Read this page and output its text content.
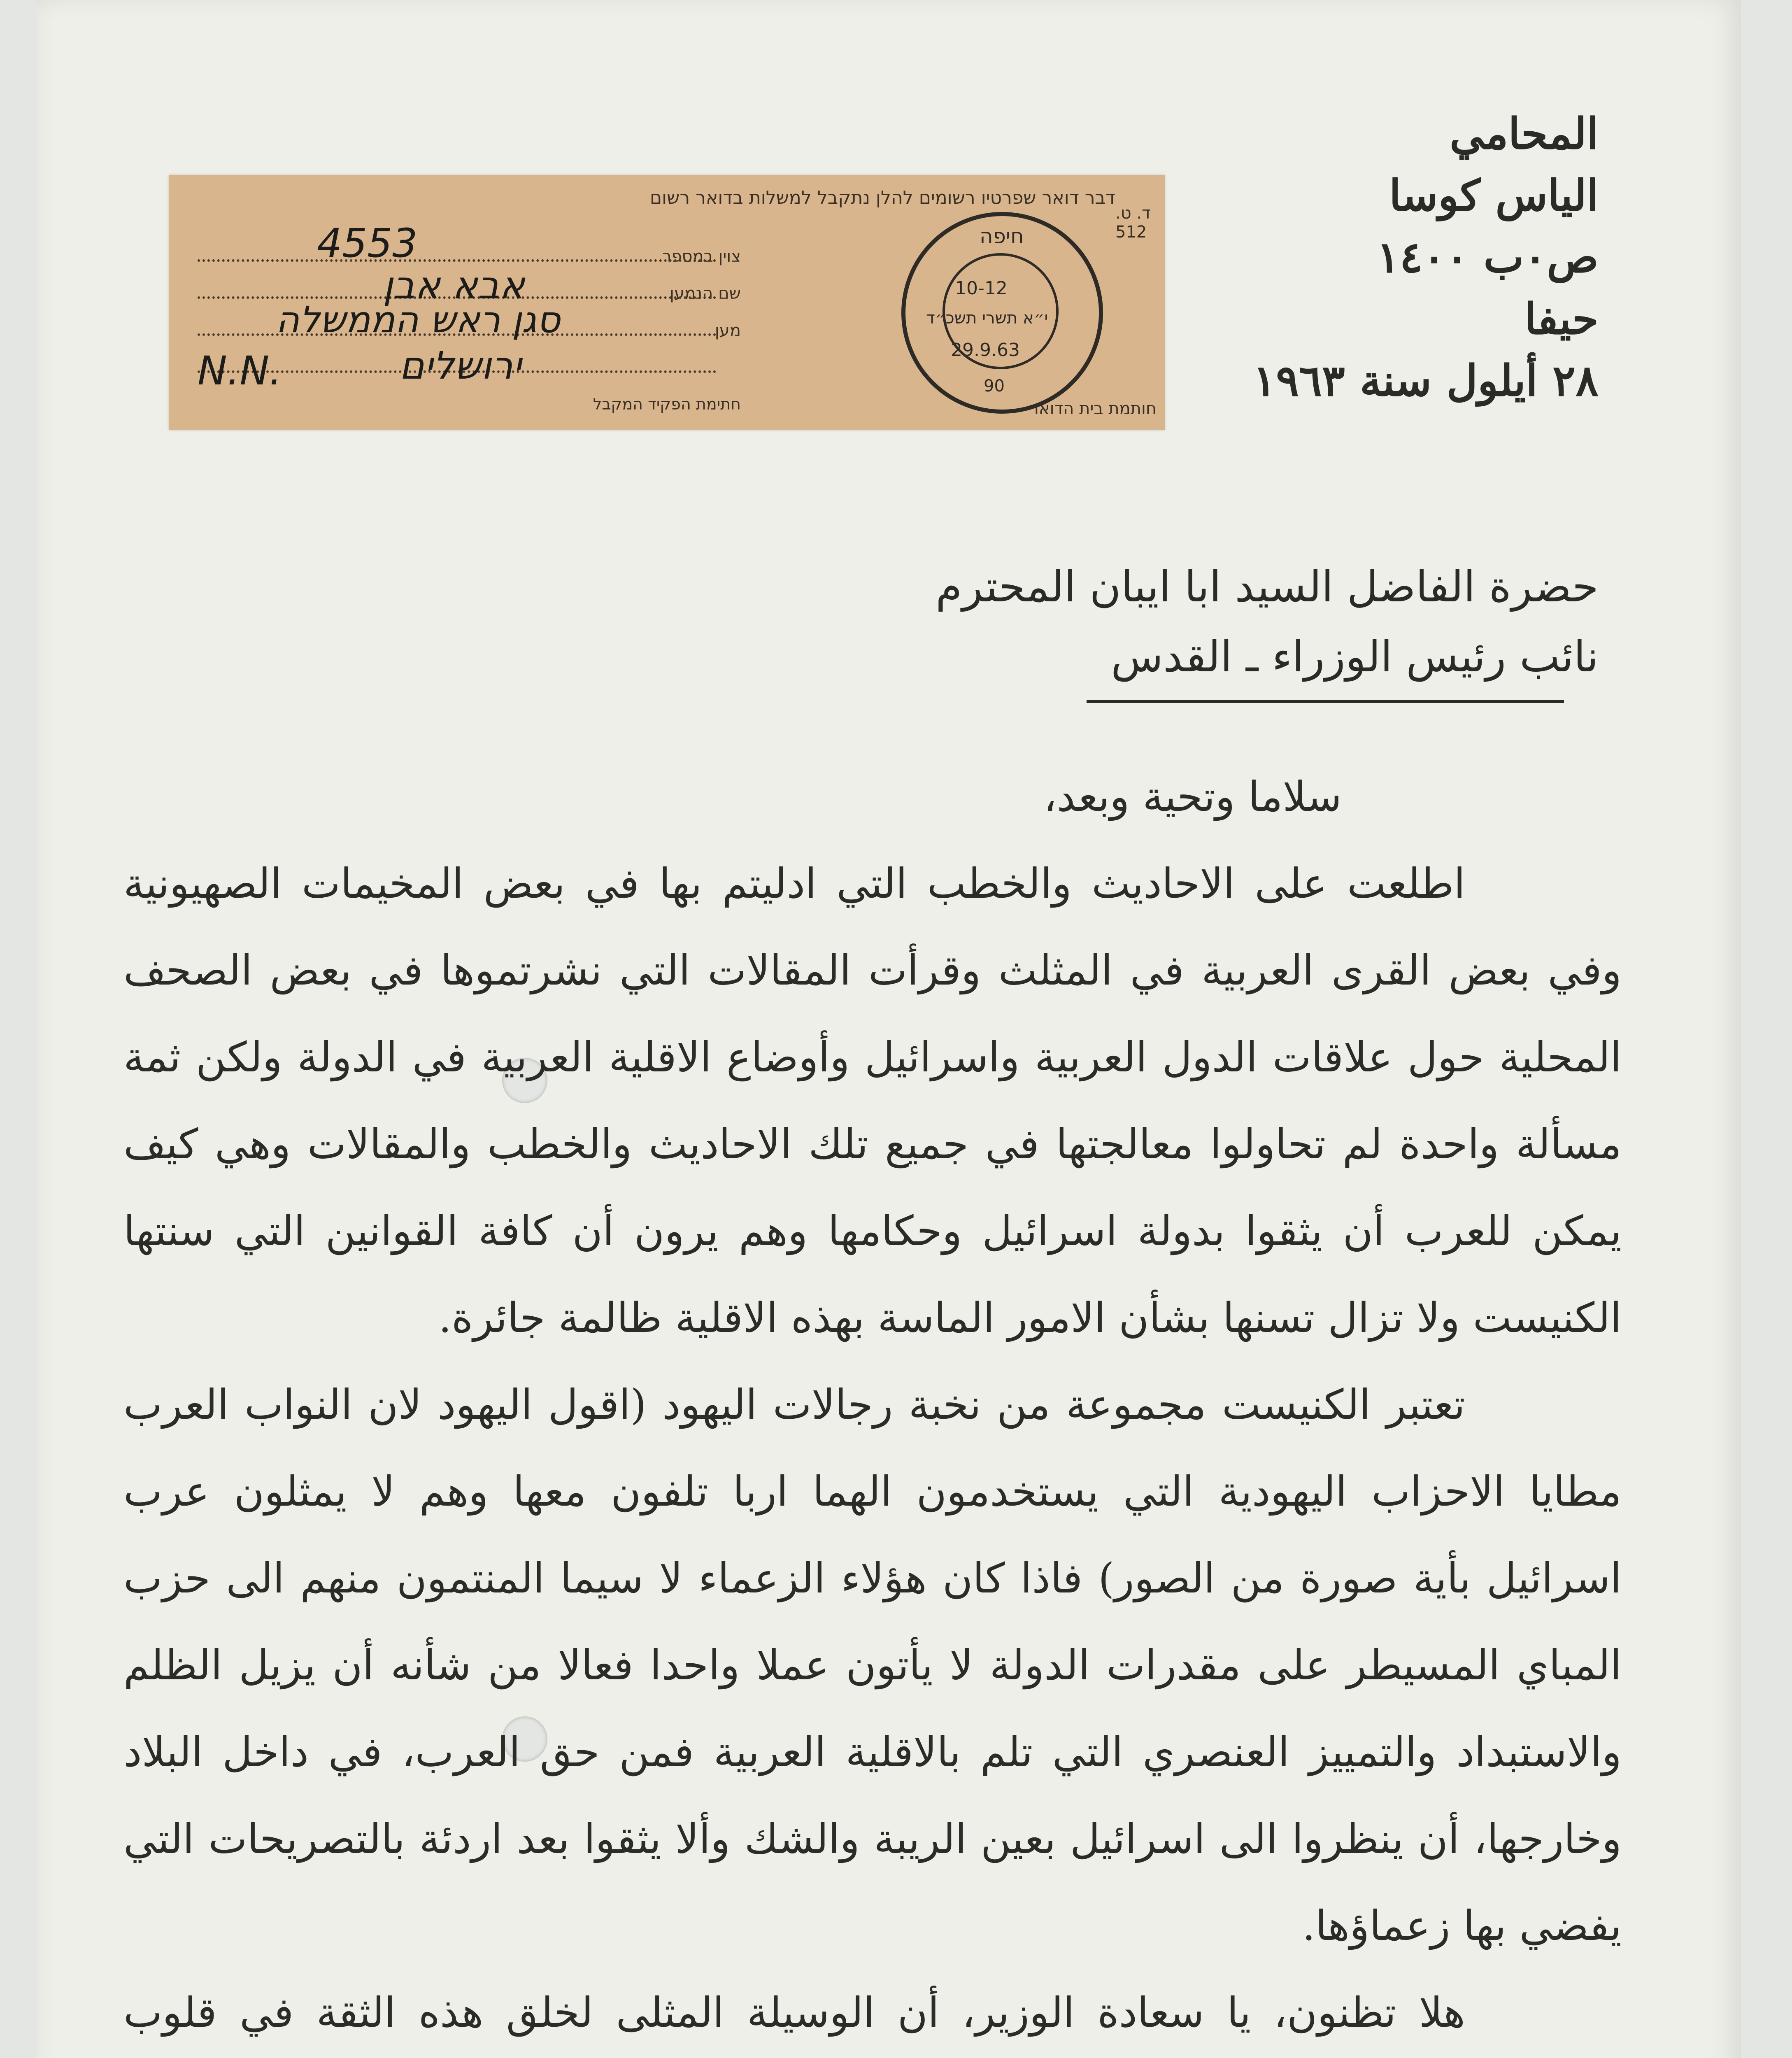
المحامي
الياس كوسا
ص٠ب ١٤٠٠
حيفا
٢٨ أيلول سنة ١٩٦٣
דבר דואר שפרטיו רשומים להלן נתקבל למשלות בדואר רשום
ד. ט. 512
צוין במספר
שם הנמען
מען
חתימת הפקיד המקבל	חותמת בית הדואר
4553
אבא אבן
סגן ראש הממשלה
ירושלים
N.N.
חיפה
10-12
י״א תשרי תשכ״ד
29.9.63
90
حضرة الفاضل السيد ابا ايبان المحترم
نائب رئيس الوزراء ـ القدس

سلاما وتحية وبعد،

اطلعت على الاحاديث والخطب التي ادليتم بها في بعض المخيمات الصهيونية وفي بعض القرى العربية في المثلث وقرأت المقالات التي نشرتموها في بعض الصحف المحلية حول علاقات الدول العربية واسرائيل وأوضاع الاقلية العربية في الدولة ولكن ثمة مسألة واحدة لم تحاولوا معالجتها في جميع تلك الاحاديث والخطب والمقالات وهي كيف يمكن للعرب أن يثقوا بدولة اسرائيل وحكامها وهم يرون أن كافة القوانين التي سنتها الكنيست ولا تزال تسنها بشأن الامور الماسة بهذه الاقلية ظالمة جائرة.

تعتبر الكنيست مجموعة من نخبة رجالات اليهود (اقول اليهود لان النواب العرب مطايا الاحزاب اليهودية التي يستخدمون الهما اربا تلفون معها وهم لا يمثلون عرب اسرائيل بأية صورة من الصور) فاذا كان هؤلاء الزعماء لا سيما المنتمون منهم الى حزب المباي المسيطر على مقدرات الدولة لا يأتون عملا واحدا فعالا من شأنه أن يزيل الظلم والاستبداد والتمييز العنصري التي تلم بالاقلية العربية فمن حق العرب، في داخل البلاد وخارجها، أن ينظروا الى اسرائيل بعين الريبة والشك وألا يثقوا بعد اردئة بالتصريحات التي يفضي بها زعماؤها.

هلا تظنون، يا سعادة الوزير، أن الوسيلة المثلى لخلق هذه الثقة في قلوب
